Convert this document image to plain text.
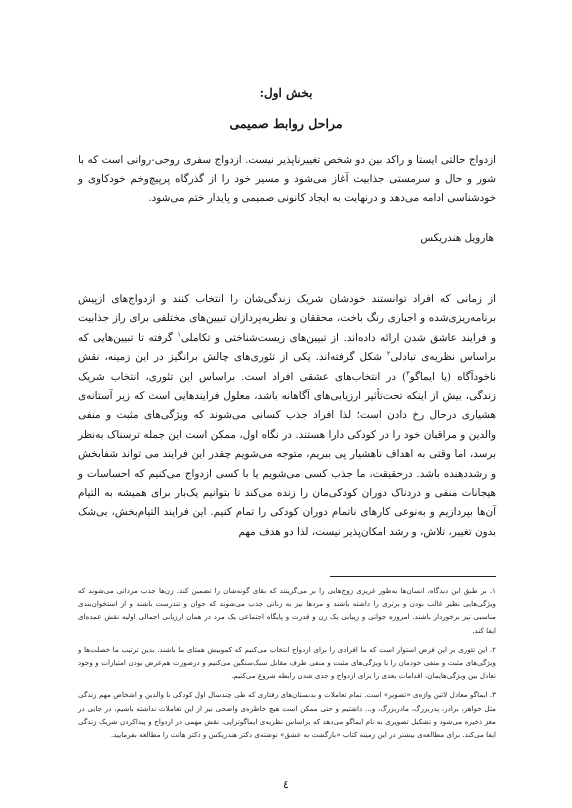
بخش اول:
مراحل روابط صمیمی

ازدواج حالتی ایستا و راکد بین دو شخص تغییرناپذیر نیست. ازدواج سفری روحی-روانی است که با شور و حال و سرمستی جذابیت آغاز می‌شود و مسیر خود را از گذرگاه پرپیچ‌وخم خودکاوی و خودشناسی ادامه می‌دهد و درنهایت به ایجاد کانونی صمیمی و پایدار ختم می‌شود.

هارویل هندریکس

از زمانی که افراد توانستند خودشان شریک زندگی‌شان را انتخاب کنند و ازدواج‌های ازپیش برنامه‌ریزی‌شده و اجباری رنگ باخت، محققان و نظریه‌پردازان تبیین‌های مختلفی برای راز جذابیت و فرایند عاشق شدن ارائه داده‌اند. از تبیین‌های زیست‌شناختی و تکاملی$^۱$ گرفته تا تبیین‌هایی که براساس نظریه‌ی تبادلی$^۲$ شکل گرفته‌اند. یکی از تئوری‌های چالش برانگیز در این زمینه، نقش ناخودآگاه (یا ایماگو$^۳$) در انتخاب‌های عشقی افراد است. براساس این تئوری، انتخاب شریک زندگی، بیش از اینکه تحت‌تأثیر ارزیابی‌های آگاهانه باشد، معلول فرایندهایی است که زیر آستانه‌ی هشیاری درحال رخ دادن است؛ لذا افراد جذب کسانی می‌شوند که ویژگی‌های مثبت و منفی والدین و مراقبان خود را در کودکی دارا هستند. در نگاه اول، ممکن است این جمله ترسناک به‌نظر برسد، اما وقتی به اهداف ناهشیار پی ببریم، متوجه می‌شویم چقدر این فرایند می تواند شفابخش و رشددهنده باشد. درحقیقت، ما جذب کسی می‌شویم یا با کسی ازدواج می‌کنیم که احساسات و هیجانات منفی و دردناک دوران کودکی‌مان را زنده می‌کند تا بتوانیم یک‌بار برای همیشه به التیام آن‌ها بپردازیم و به‌نوعی کارهای ناتمام دوران کودکی را تمام کنیم. این فرایند التیام‌بخش، بی‌شک بدون تغییر، تلاش، و رشد امکان‌پذیر نیست، لذا دو هدف مهم

۱. بر طبق این دیدگاه، انسان‌ها به‌طور غریزی زوج‌هایی را بر می‌گزینند که بقای گونه‌شان را تضمین کند. زن‌ها جذب مردانی می‌شوند که ویژگی‌هایی نظیر غالب بودن و برتری را داشته باشند و مردها نیز به زنانی جذب می‌شوند که جوان و تندرست باشند و از استخوان‌بندی مناسبی نیز برخوردار باشند. امروزه جوانی و زیبایی یک زن و قدرت و پایگاه اجتماعی یک مرد در همان ارزیابی اجمالی اولیه نقش عمده‌ای ایفا کند.

۲. این تئوری بر این فرض استوار است که ما افرادی را برای ازدواج انتخاب می‌کنیم که کموبیش همتای ما باشند. بدین ترتیب ما خصلت‌ها و ویژگی‌های مثبت و منفی خودمان را با ویژگی‌های مثبت و منفی طرف مقابل سبک‌سنگین می‌کنیم و درصورت هم‌عرض بودن امتیازات و وجود تعادل بین ویژگی‌هایمان، اقدامات بعدی را برای ازدواج و جدی شدن رابطه شروع می‌کنیم.

۳. ایماگو معادل لاتین واژه‌ی «تصویر» است. تمام تعاملات و بدبستان‌های رفتاری که طی چندسال اول کودکی با والدین و اشخاص مهم زندگی مثل خواهر، برادر، پدربزرگ، مادربزرگ، و... داشتیم و حتی ممکن است هیچ خاطره‌ی واضحی نیز از این تعاملات نداشته باشیم، در جایی در مغز ذخیره می‌شود و تشکیل تصویری به نام ایماگو می‌دهد که براساس نظریه‌ی ایماگوتراپی، نقش مهمی در ازدواج و پیداکردن شریک زندگی ایفا می‌کند. برای مطالعه‌ی بیشتر در این زمینه کتاب «بازگشت به عشق» نوشته‌ی دکتر هندریکس و دکتر هانت را مطالعه بفرمایید.

٤
